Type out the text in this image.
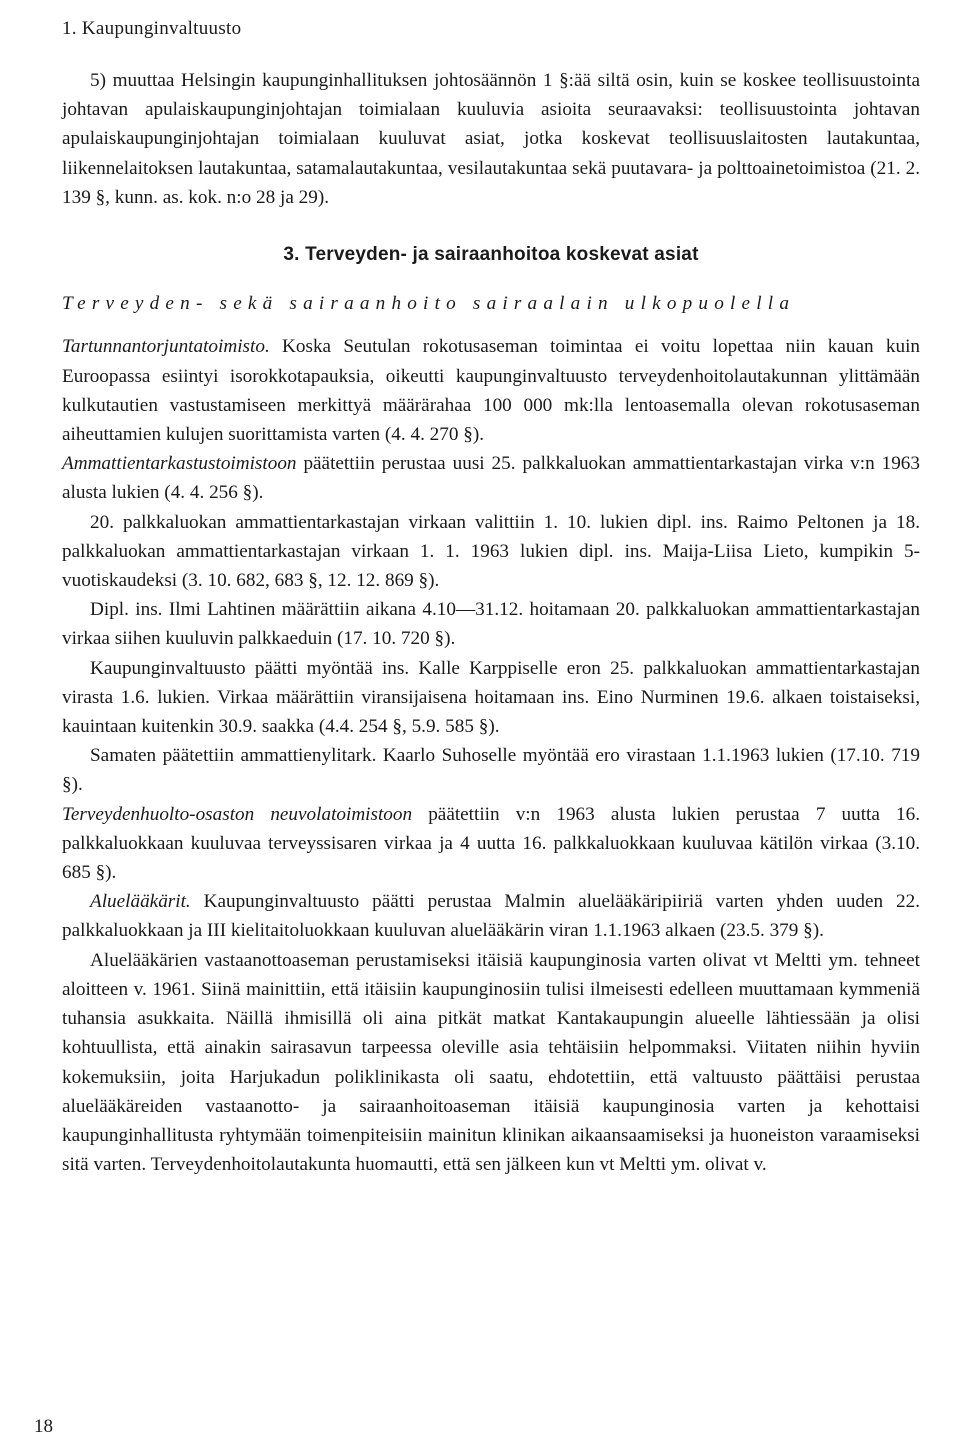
1. Kaupunginvaltuusto

5) muuttaa Helsingin kaupunginhallituksen johtosäännön 1 §:ää siltä osin, kuin se koskee teollisuustointa johtavan apulaiskaupunginjohtajan toimialaan kuuluvia asioita seuraavaksi: teollisuustointa johtavan apulaiskaupunginjohtajan toimialaan kuuluvat asiat, jotka koskevat teollisuuslaitosten lautakuntaa, liikennelaitoksen lautakuntaa, satamalautakuntaa, vesilautakuntaa sekä puutavara- ja polttoainetoimistoa (21. 2. 139 §, kunn. as. kok. n:o 28 ja 29).

3. Terveyden- ja sairaanhoitoa koskevat asiat
Terveyden- sekä sairaanhoito sairaalain ulkopuolella

Tartunnantorjuntatoimisto. Koska Seutulan rokotusaseman toimintaa ei voitu lopettaa niin kauan kuin Euroopassa esiintyi isorokkotapauksia, oikeutti kaupunginvaltuusto terveydenhoitolautakunnan ylittämään kulkutautien vastustamiseen merkittyä määrärahaa 100 000 mk:lla lentoasemalla olevan rokotusaseman aiheuttamien kulujen suorittamista varten (4. 4. 270 §).

Ammattientarkastustoimistoon päätettiin perustaa uusi 25. palkkaluokan ammattientarkastajan virka v:n 1963 alusta lukien (4. 4. 256 §).

20. palkkaluokan ammattientarkastajan virkaan valittiin 1. 10. lukien dipl. ins. Raimo Peltonen ja 18. palkkaluokan ammattientarkastajan virkaan 1. 1. 1963 lukien dipl. ins. Maija-Liisa Lieto, kumpikin 5-vuotiskaudeksi (3. 10. 682, 683 §, 12. 12. 869 §).

Dipl. ins. Ilmi Lahtinen määrättiin aikana 4.10—31.12. hoitamaan 20. palkkaluokan ammattientarkastajan virkaa siihen kuuluvin palkkaeduin (17. 10. 720 §).

Kaupunginvaltuusto päätti myöntää ins. Kalle Karppiselle eron 25. palkkaluokan ammattientarkastajan virasta 1.6. lukien. Virkaa määrättiin viransijaisena hoitamaan ins. Eino Nurminen 19.6. alkaen toistaiseksi, kauintaan kuitenkin 30.9. saakka (4.4. 254 §, 5.9. 585 §).

Samaten päätettiin ammattienylitark. Kaarlo Suhoselle myöntää ero virastaan 1.1.1963 lukien (17.10. 719 §).

Terveydenhuolto-osaston neuvolatoimistoon päätettiin v:n 1963 alusta lukien perustaa 7 uutta 16. palkkaluokkaan kuuluvaa terveyssisaren virkaa ja 4 uutta 16. palkkaluokkaan kuuluvaa kätilön virkaa (3.10. 685 §).

Aluelääkärit. Kaupunginvaltuusto päätti perustaa Malmin aluelääkäripiiriä varten yhden uuden 22. palkkaluokkaan ja III kielitaitoluokkaan kuuluvan aluelääkärin viran 1.1.1963 alkaen (23.5. 379 §).

Aluelääkärien vastaanottoaseman perustamiseksi itäisiä kaupunginosia varten olivat vt Meltti ym. tehneet aloitteen v. 1961. Siinä mainittiin, että itäisiin kaupunginosiin tulisi ilmeisesti edelleen muuttamaan kymmeniä tuhansia asukkaita. Näillä ihmisillä oli aina pitkät matkat Kantakaupungin alueelle lähtiessään ja olisi kohtuullista, että ainakin sairasavun tarpeessa oleville asia tehtäisiin helpommaksi. Viitaten niihin hyviin kokemuksiin, joita Harjukadun poliklinikasta oli saatu, ehdotettiin, että valtuusto päättäisi perustaa aluelääkäreiden vastaanotto- ja sairaanhoitoaseman itäisiä kaupunginosia varten ja kehottaisi kaupunginhallitusta ryhtymään toimenpiteisiin mainitun klinikan aikaansaamiseksi ja huoneiston varaamiseksi sitä varten. Terveydenhoitolautakunta huomautti, että sen jälkeen kun vt Meltti ym. olivat v.

18
